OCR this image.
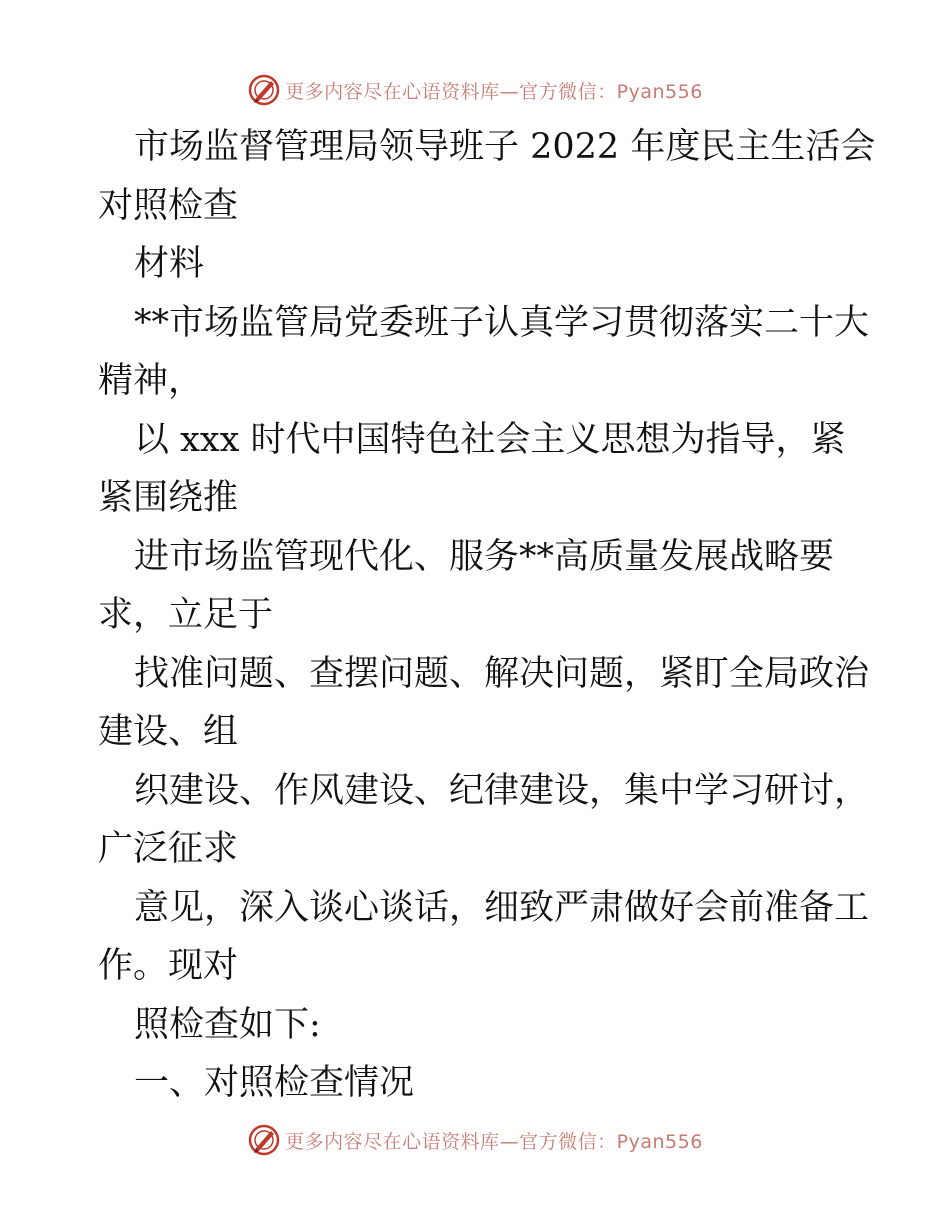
更多内容尽在心语资料库—官方微信：Pyan556
市场监督管理局领导班子 2022 年度民主生活会
对照检查
材料
**市场监管局党委班子认真学习贯彻落实二十大
精神，
以 xxx 时代中国特色社会主义思想为指导，紧
紧围绕推
进市场监管现代化、服务**高质量发展战略要
求，立足于
找准问题、查摆问题、解决问题，紧盯全局政治
建设、组
织建设、作风建设、纪律建设，集中学习研讨，
广泛征求
意见，深入谈心谈话，细致严肃做好会前准备工
作。现对
照检查如下:
一、对照检查情况
更多内容尽在心语资料库—官方微信：Pyan556
